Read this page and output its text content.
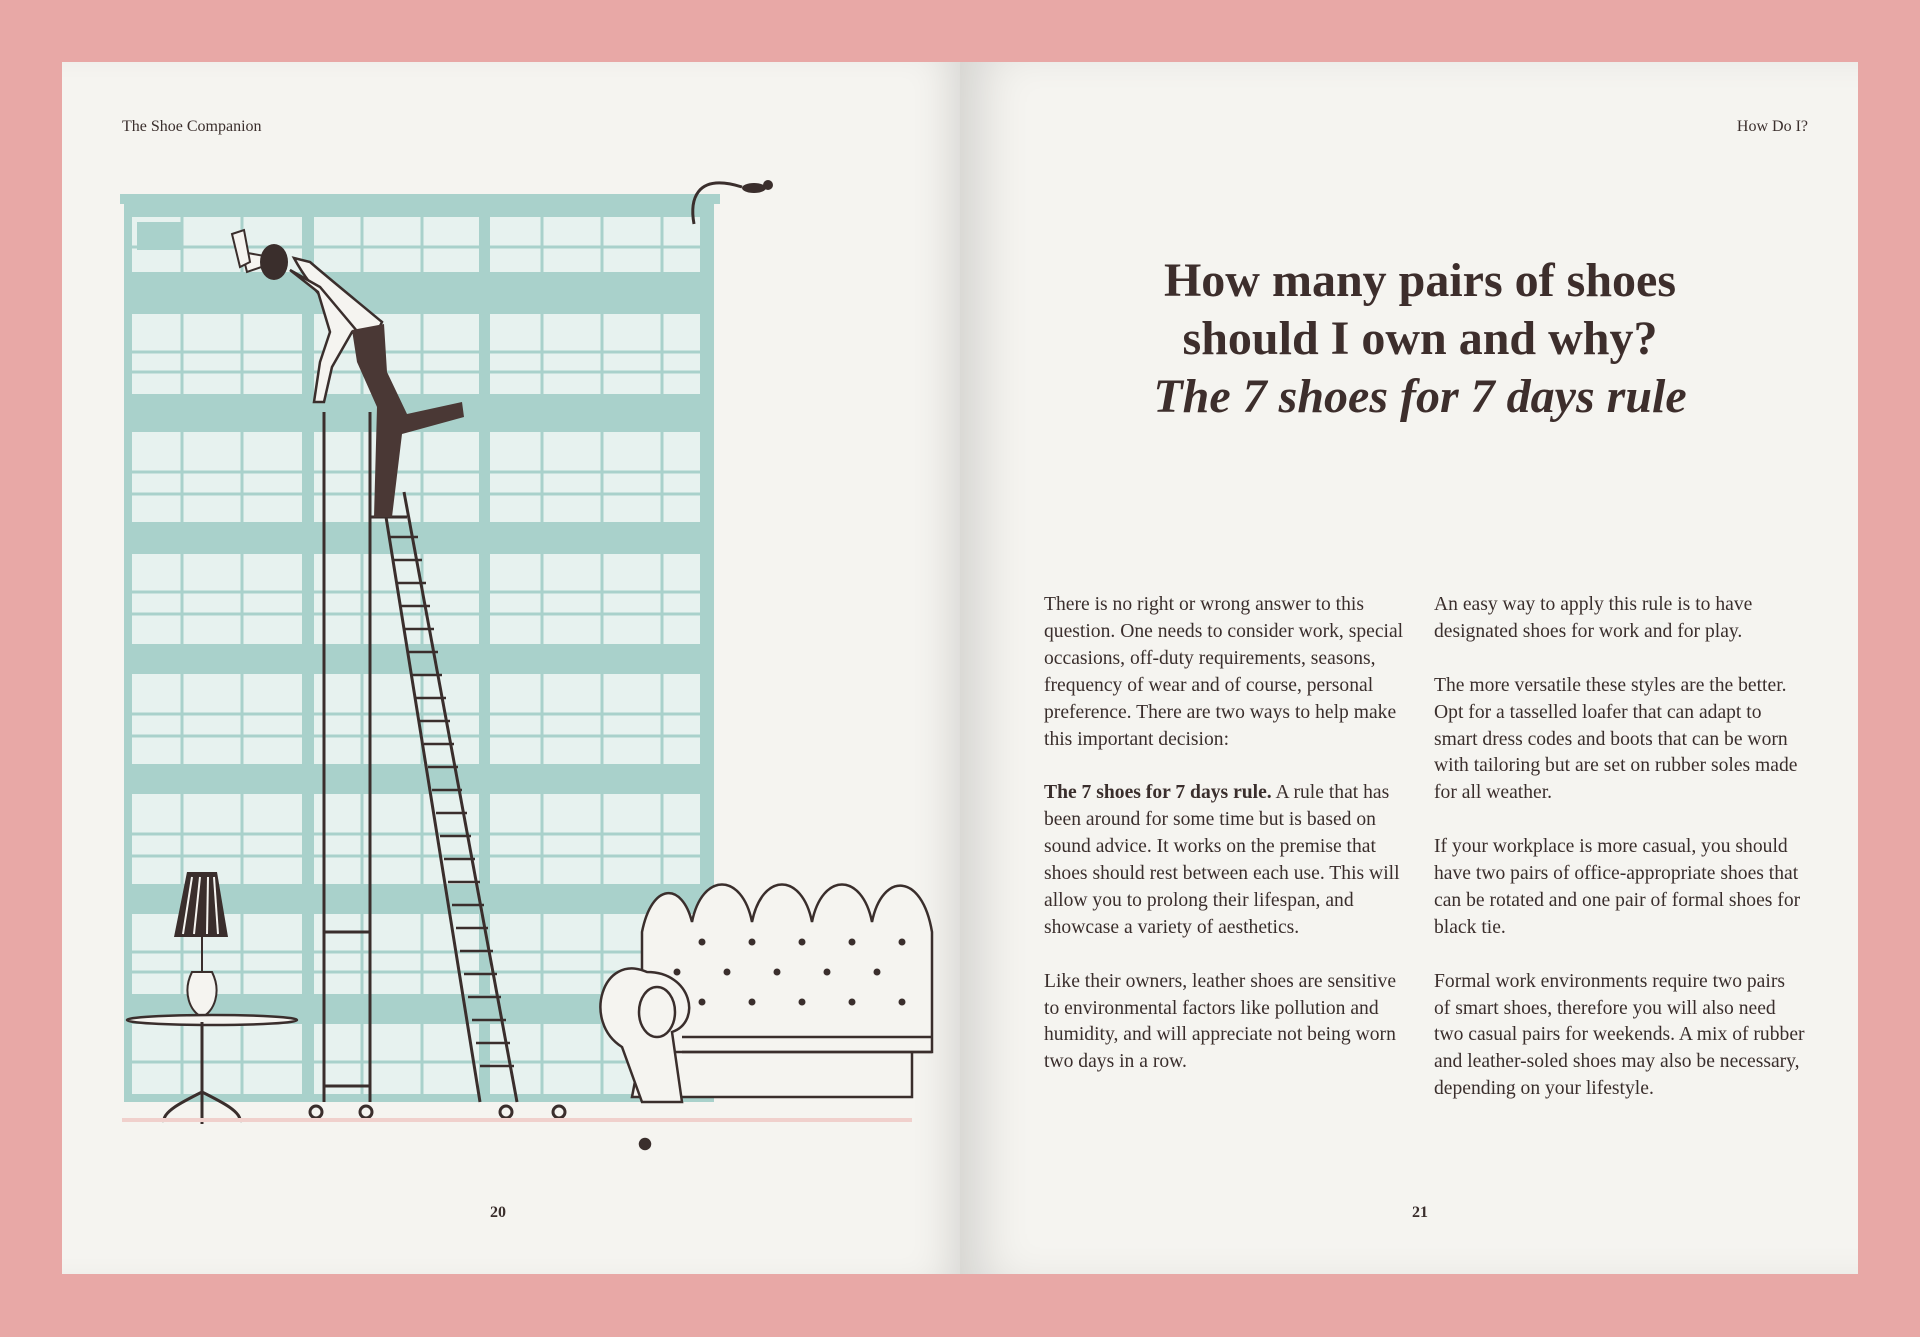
The Shoe Companion
20
How Do I?
How many pairs of shoes
should I own and why?
The 7 shoes for 7 days rule

There is no right or wrong answer to this question. One needs to consider work, special occasions, off-duty requirements, seasons, frequency of wear and of course, personal preference. There are two ways to help make this important decision:

The 7 shoes for 7 days rule. A rule that has been around for some time but is based on sound advice. It works on the premise that shoes should rest between each use. This will allow you to prolong their lifespan, and showcase a variety of aesthetics.

Like their owners, leather shoes are sensitive to environmental factors like pollution and humidity, and will appreciate not being worn two days in a row.

An easy way to apply this rule is to have designated shoes for work and for play.

The more versatile these styles are the better. Opt for a tasselled loafer that can adapt to smart dress codes and boots that can be worn with tailoring but are set on rubber soles made for all weather.

If your workplace is more casual, you should have two pairs of office-appropriate shoes that can be rotated and one pair of formal shoes for black tie.

Formal work environments require two pairs of smart shoes, therefore you will also need two casual pairs for weekends. A mix of rubber and leather-soled shoes may also be necessary, depending on your lifestyle.

21
